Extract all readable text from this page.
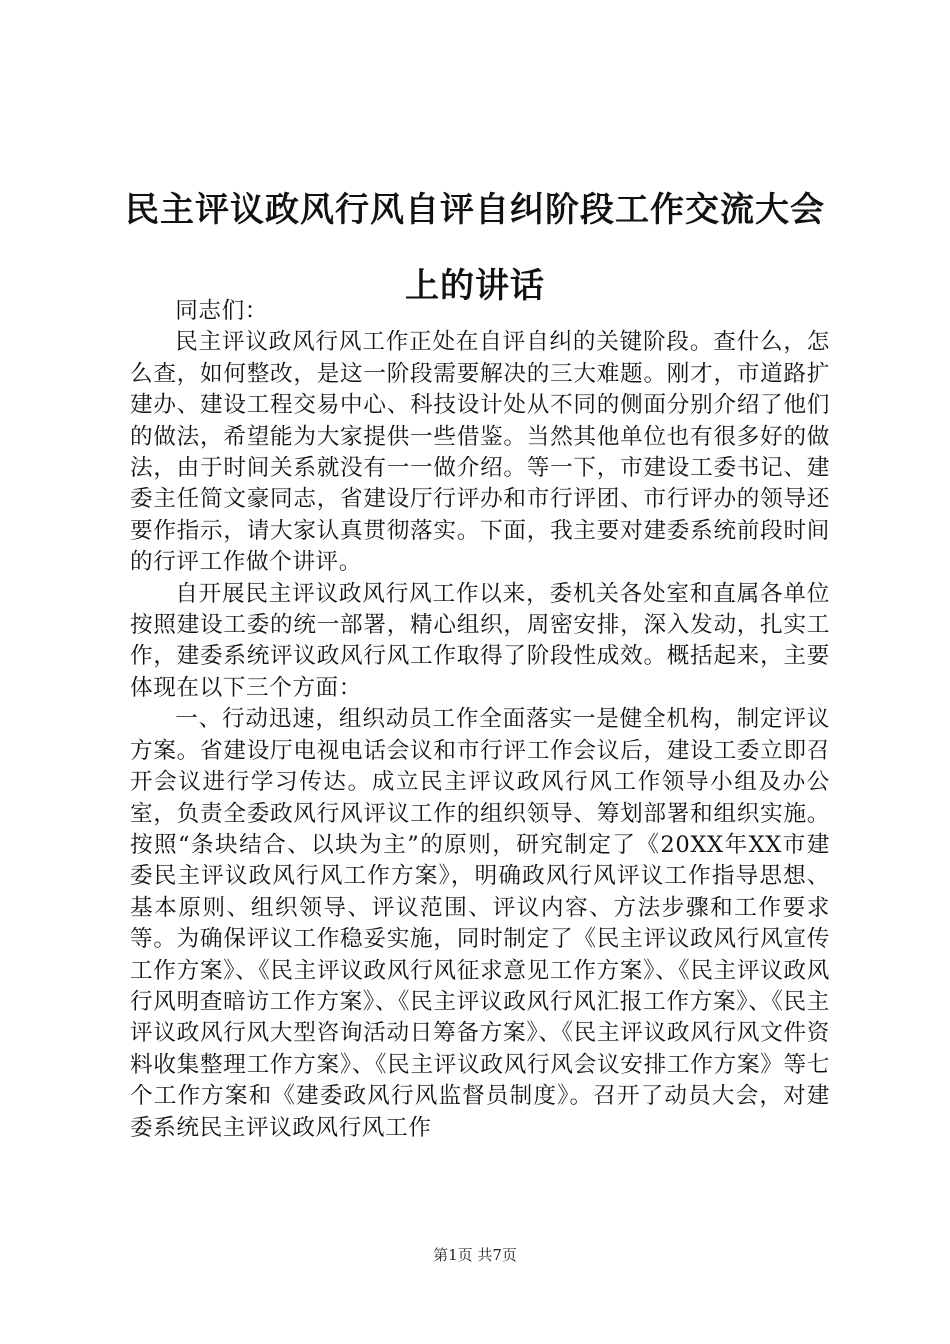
民主评议政风行风自评自纠阶段工作交流大会
上的讲话

同志们：

民主评议政风行风工作正处在自评自纠的关键阶段。查什么，怎么查，如何整改，是这一阶段需要解决的三大难题。刚才，市道路扩建办、建设工程交易中心、科技设计处从不同的侧面分别介绍了他们的做法，希望能为大家提供一些借鉴。当然其他单位也有很多好的做法，由于时间关系就没有一一做介绍。等一下，市建设工委书记、建委主任简文豪同志，省建设厅行评办和市行评团、市行评办的领导还要作指示，请大家认真贯彻落实。下面，我主要对建委系统前段时间的行评工作做个讲评。

自开展民主评议政风行风工作以来，委机关各处室和直属各单位按照建设工委的统一部署，精心组织，周密安排，深入发动，扎实工作，建委系统评议政风行风工作取得了阶段性成效。概括起来，主要体现在以下三个方面：

一、行动迅速，组织动员工作全面落实一是健全机构，制定评议方案。省建设厅电视电话会议和市行评工作会议后，建设工委立即召开会议进行学习传达。成立民主评议政风行风工作领导小组及办公室，负责全委政风行风评议工作的组织领导、筹划部署和组织实施。按照“条块结合、以块为主”的原则，研究制定了《20XX年XX市建委民主评议政风行风工作方案》，明确政风行风评议工作指导思想、基本原则、组织领导、评议范围、评议内容、方法步骤和工作要求等。为确保评议工作稳妥实施，同时制定了《民主评议政风行风宣传工作方案》、《民主评议政风行风征求意见工作方案》、《民主评议政风行风明查暗访工作方案》、《民主评议政风行风汇报工作方案》、《民主评议政风行风大型咨询活动日筹备方案》、《民主评议政风行风文件资料收集整理工作方案》、《民主评议政风行风会议安排工作方案》等七个工作方案和《建委政风行风监督员制度》。召开了动员大会，对建委系统民主评议政风行风工作

第1页 共7页
